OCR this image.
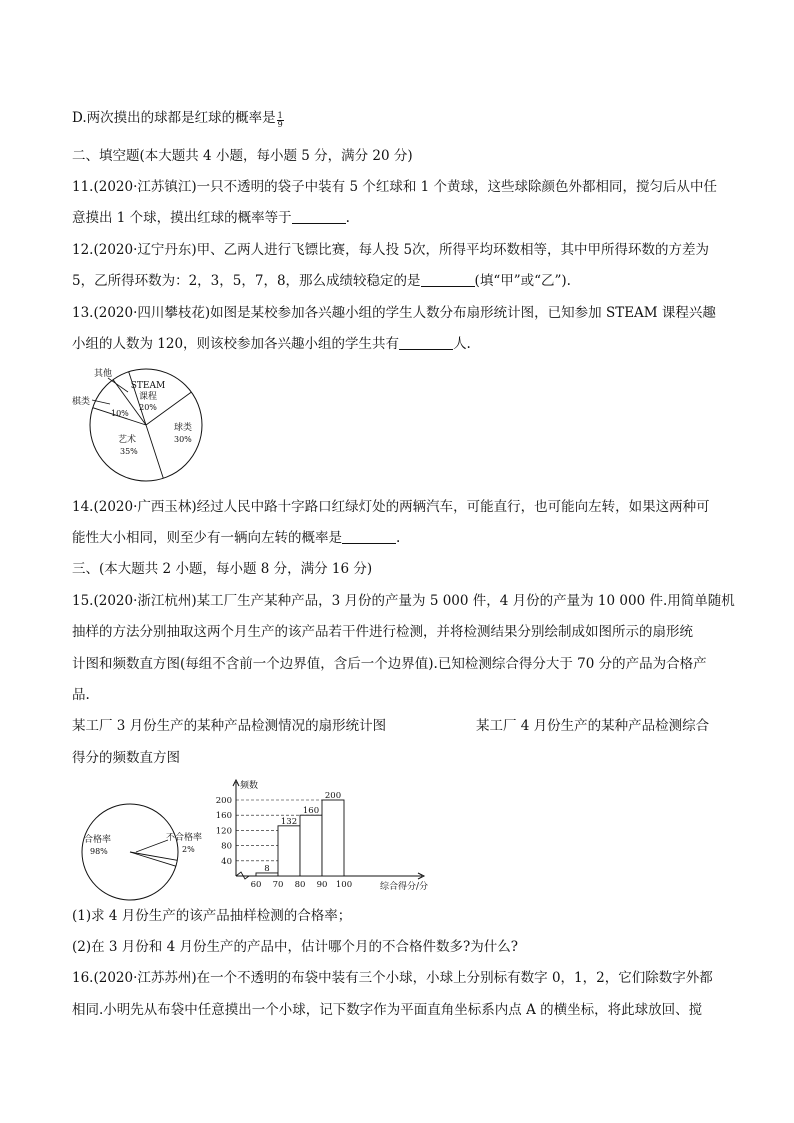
D.两次摸出的球都是红球的概率是 $\frac{1}{9}$
二、填空题(本大题共 4 小题，每小题 5 分，满分 20 分)
11.(2020·江苏镇江)一只不透明的袋子中装有 5 个红球和 1 个黄球，这些球除颜色外都相同，搅匀后从中任
意摸出 1 个球，摸出红球的概率等于	.
12.(2020·辽宁丹东)甲、乙两人进行飞镖比赛，每人投 5次，所得平均环数相等，其中甲所得环数的方差为
5，乙所得环数为：2，3，5，7，8，那么成绩较稳定的是	(填“甲”或“乙”).
13.(2020·四川攀枝花)如图是某校参加各兴趣小组的学生人数分布扇形统计图，已知参加 STEAM 课程兴趣
小组的人数为 120，则该校参加各兴趣小组的学生共有	人.
其他
棋类
10%
STEAM
课程
20%
球类
30%
艺术
35%
14.(2020·广西玉林)经过人民中路十字路口红绿灯处的两辆汽车，可能直行，也可能向左转，如果这两种可
能性大小相同，则至少有一辆向左转的概率是	.
三、(本大题共 2 小题，每小题 8 分，满分 16 分)
15.(2020·浙江杭州)某工厂生产某种产品，3 月份的产量为 5 000 件，4 月份的产量为 10 000 件.用简单随机
抽样的方法分别抽取这两个月生产的该产品若干件进行检测，并将检测结果分别绘制成如图所示的扇形统
计图和频数直方图(每组不含前一个边界值，含后一个边界值).已知检测综合得分大于 70 分的产品为合格产
品.
某工厂 3 月份生产的某种产品检测情况的扇形统计图	某工厂 4 月份生产的某种产品检测综合
得分的频数直方图
合格率
98%
不合格率
2%
频数
40
80
120
160
200
8
132
160
200
60 70 80 90 100	综合得分/分
(1)求 4 月份生产的该产品抽样检测的合格率；
(2)在 3 月份和 4 月份生产的产品中，估计哪个月的不合格件数多?为什么?
16.(2020·江苏苏州)在一个不透明的布袋中装有三个小球，小球上分别标有数字 0，1，2，它们除数字外都
相同.小明先从布袋中任意摸出一个小球，记下数字作为平面直角坐标系内点 A 的横坐标，将此球放回、搅
